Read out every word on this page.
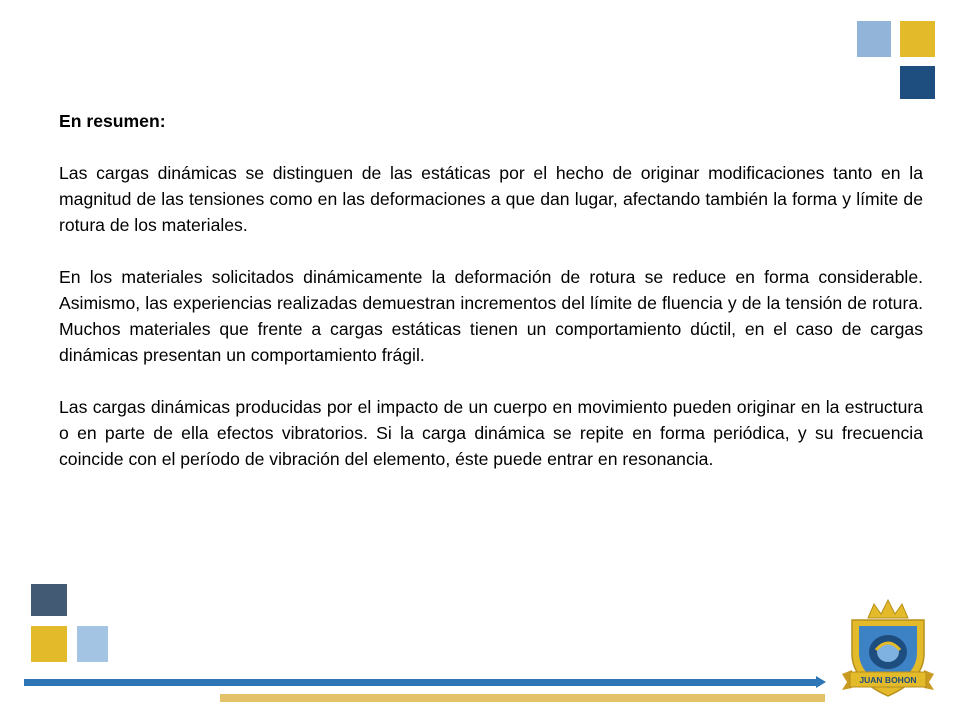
En resumen:

Las cargas dinámicas se distinguen de las estáticas por el hecho de originar modificaciones tanto en la magnitud de las tensiones como en las deformaciones a que dan lugar, afectando también la forma y límite de rotura de los materiales.

En los materiales solicitados dinámicamente la deformación de rotura se reduce en forma considerable. Asimismo, las experiencias realizadas demuestran incrementos del límite de fluencia y de la tensión de rotura. Muchos materiales que frente a cargas estáticas tienen un comportamiento dúctil, en el caso de cargas dinámicas presentan un comportamiento frágil.

Las cargas dinámicas producidas por el impacto de un cuerpo en movimiento pueden originar en la estructura o en parte de ella efectos vibratorios. Si la carga dinámica se repite en forma periódica, y su frecuencia coincide con el período de vibración del elemento, éste puede entrar en resonancia.

JUAN BOHON
